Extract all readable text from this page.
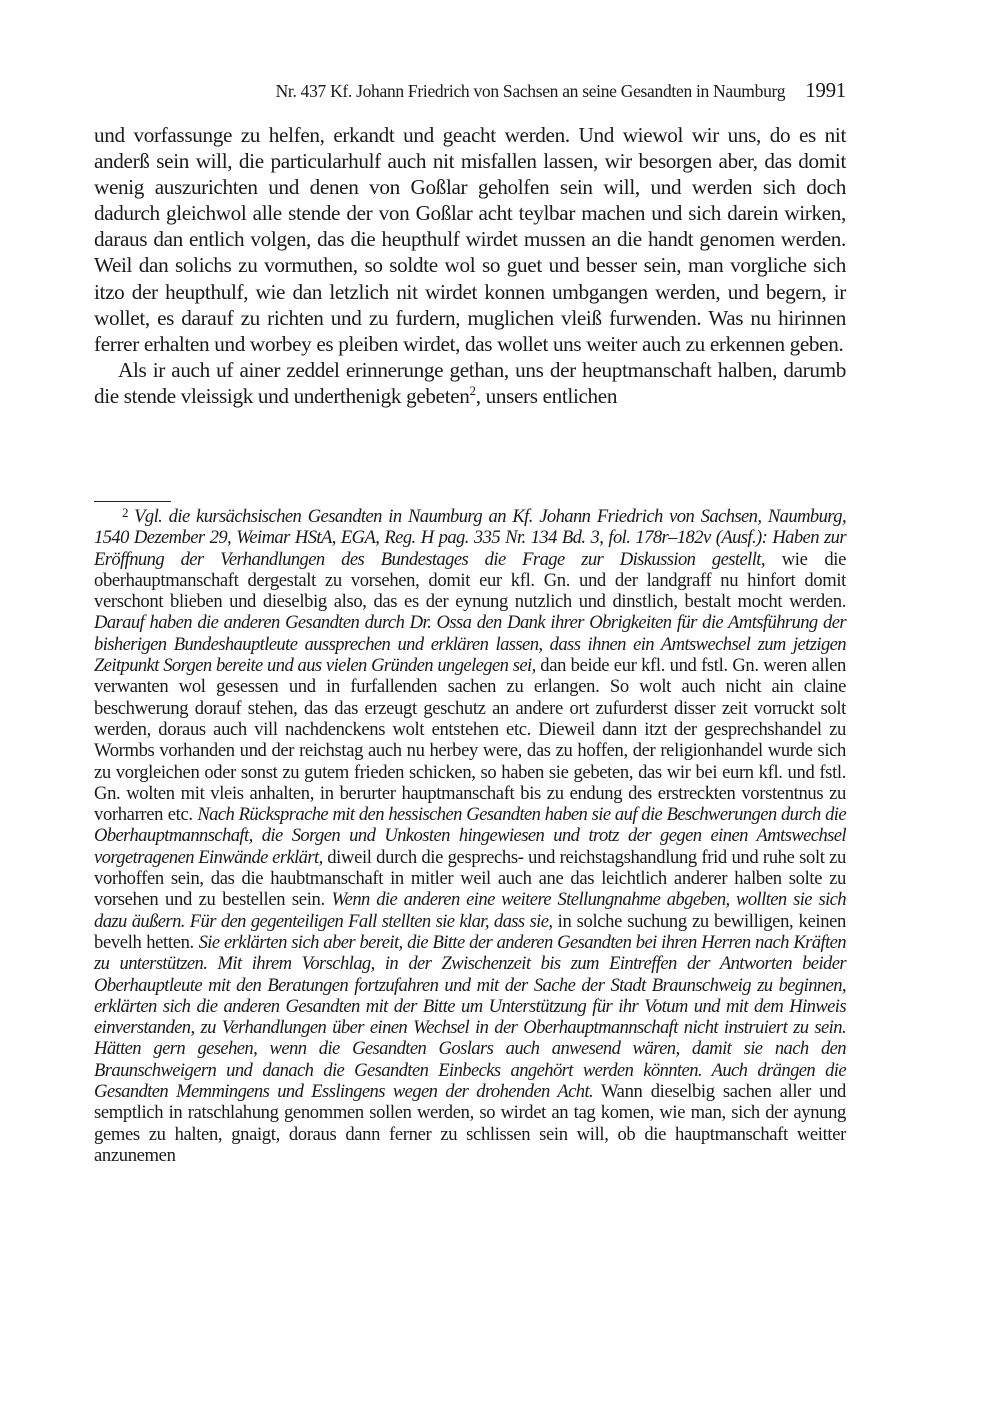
Nr. 437 Kf. Johann Friedrich von Sachsen an seine Gesandten in Naumburg 1991

und vorfassunge zu helfen, erkandt und geacht werden. Und wiewol wir uns, do es nit anderß sein will, die particularhulf auch nit misfallen lassen, wir besorgen aber, das domit wenig auszurichten und denen von Goßlar geholfen sein will, und werden sich doch dadurch gleichwol alle stende der von Goßlar acht teylbar machen und sich darein wirken, daraus dan entlich volgen, das die heupthulf wirdet mussen an die handt genomen werden. Weil dan solichs zu vormuthen, so soldte wol so guet und besser sein, man vorgliche sich itzo der heupthulf, wie dan letzlich nit wirdet konnen umbgangen werden, und begern, ir wollet, es darauf zu richten und zu furdern, muglichen vleiß furwenden. Was nu hirinnen ferrer erhalten und worbey es pleiben wirdet, das wollet uns weiter auch zu erkennen geben.

Als ir auch uf ainer zeddel erinnerunge gethan, uns der heuptmanschaft halben, darumb die stende vleissigk und underthenigk gebeten$^2$, unsers entlichen

$^2$ Vgl. die kursächsischen Gesandten in Naumburg an Kf. Johann Friedrich von Sachsen, Naumburg, 1540 Dezember 29, Weimar HStA, EGA, Reg. H pag. 335 Nr. 134 Bd. 3, fol. 178r–182v (Ausf.): Haben zur Eröffnung der Verhandlungen des Bundestages die Frage zur Diskussion gestellt, wie die oberhauptmanschaft dergestalt zu vorsehen, domit eur kfl. Gn. und der landgraff nu hinfort domit verschont blieben und dieselbig also, das es der eynung nutzlich und dinstlich, bestalt mocht werden. Darauf haben die anderen Gesandten durch Dr. Ossa den Dank ihrer Obrigkeiten für die Amtsführung der bisherigen Bundeshauptleute aussprechen und erklären lassen, dass ihnen ein Amtswechsel zum jetzigen Zeitpunkt Sorgen bereite und aus vielen Gründen ungelegen sei, dan beide eur kfl. und fstl. Gn. weren allen verwanten wol gesessen und in furfallenden sachen zu erlangen. So wolt auch nicht ain claine beschwerung dorauf stehen, das das erzeugt geschutz an andere ort zufurderst disser zeit vorruckt solt werden, doraus auch vill nachdenckens wolt entstehen etc. Dieweil dann itzt der gesprechshandel zu Wormbs vorhanden und der reichstag auch nu herbey were, das zu hoffen, der religionhandel wurde sich zu vorgleichen oder sonst zu gutem frieden schicken, so haben sie gebeten, das wir bei eurn kfl. und fstl. Gn. wolten mit vleis anhalten, in berurter hauptmanschaft bis zu endung des erstreckten vorstentnus zu vorharren etc. Nach Rücksprache mit den hessischen Gesandten haben sie auf die Beschwerungen durch die Oberhauptmannschaft, die Sorgen und Unkosten hingewiesen und trotz der gegen einen Amtswechsel vorgetragenen Einwände erklärt, diweil durch die gesprechs- und reichstagshandlung frid und ruhe solt zu vorhoffen sein, das die haubtmanschaft in mitler weil auch ane das leichtlich anderer halben solte zu vorsehen und zu bestellen sein. Wenn die anderen eine weitere Stellungnahme abgeben, wollten sie sich dazu äußern. Für den gegenteiligen Fall stellten sie klar, dass sie, in solche suchung zu bewilligen, keinen bevelh hetten. Sie erklärten sich aber bereit, die Bitte der anderen Gesandten bei ihren Herren nach Kräften zu unterstützen. Mit ihrem Vorschlag, in der Zwischenzeit bis zum Eintreffen der Antworten beider Oberhauptleute mit den Beratungen fortzufahren und mit der Sache der Stadt Braunschweig zu beginnen, erklärten sich die anderen Gesandten mit der Bitte um Unterstützung für ihr Votum und mit dem Hinweis einverstanden, zu Verhandlungen über einen Wechsel in der Oberhauptmannschaft nicht instruiert zu sein. Hätten gern gesehen, wenn die Gesandten Goslars auch anwesend wären, damit sie nach den Braunschweigern und danach die Gesandten Einbecks angehört werden könnten. Auch drängen die Gesandten Memmingens und Esslingens wegen der drohenden Acht. Wann dieselbig sachen aller und semptlich in ratschlahung genommen sollen werden, so wirdet an tag komen, wie man, sich der aynung gemes zu halten, gnaigt, doraus dann ferner zu schlissen sein will, ob die hauptmanschaft weitter anzunemen
